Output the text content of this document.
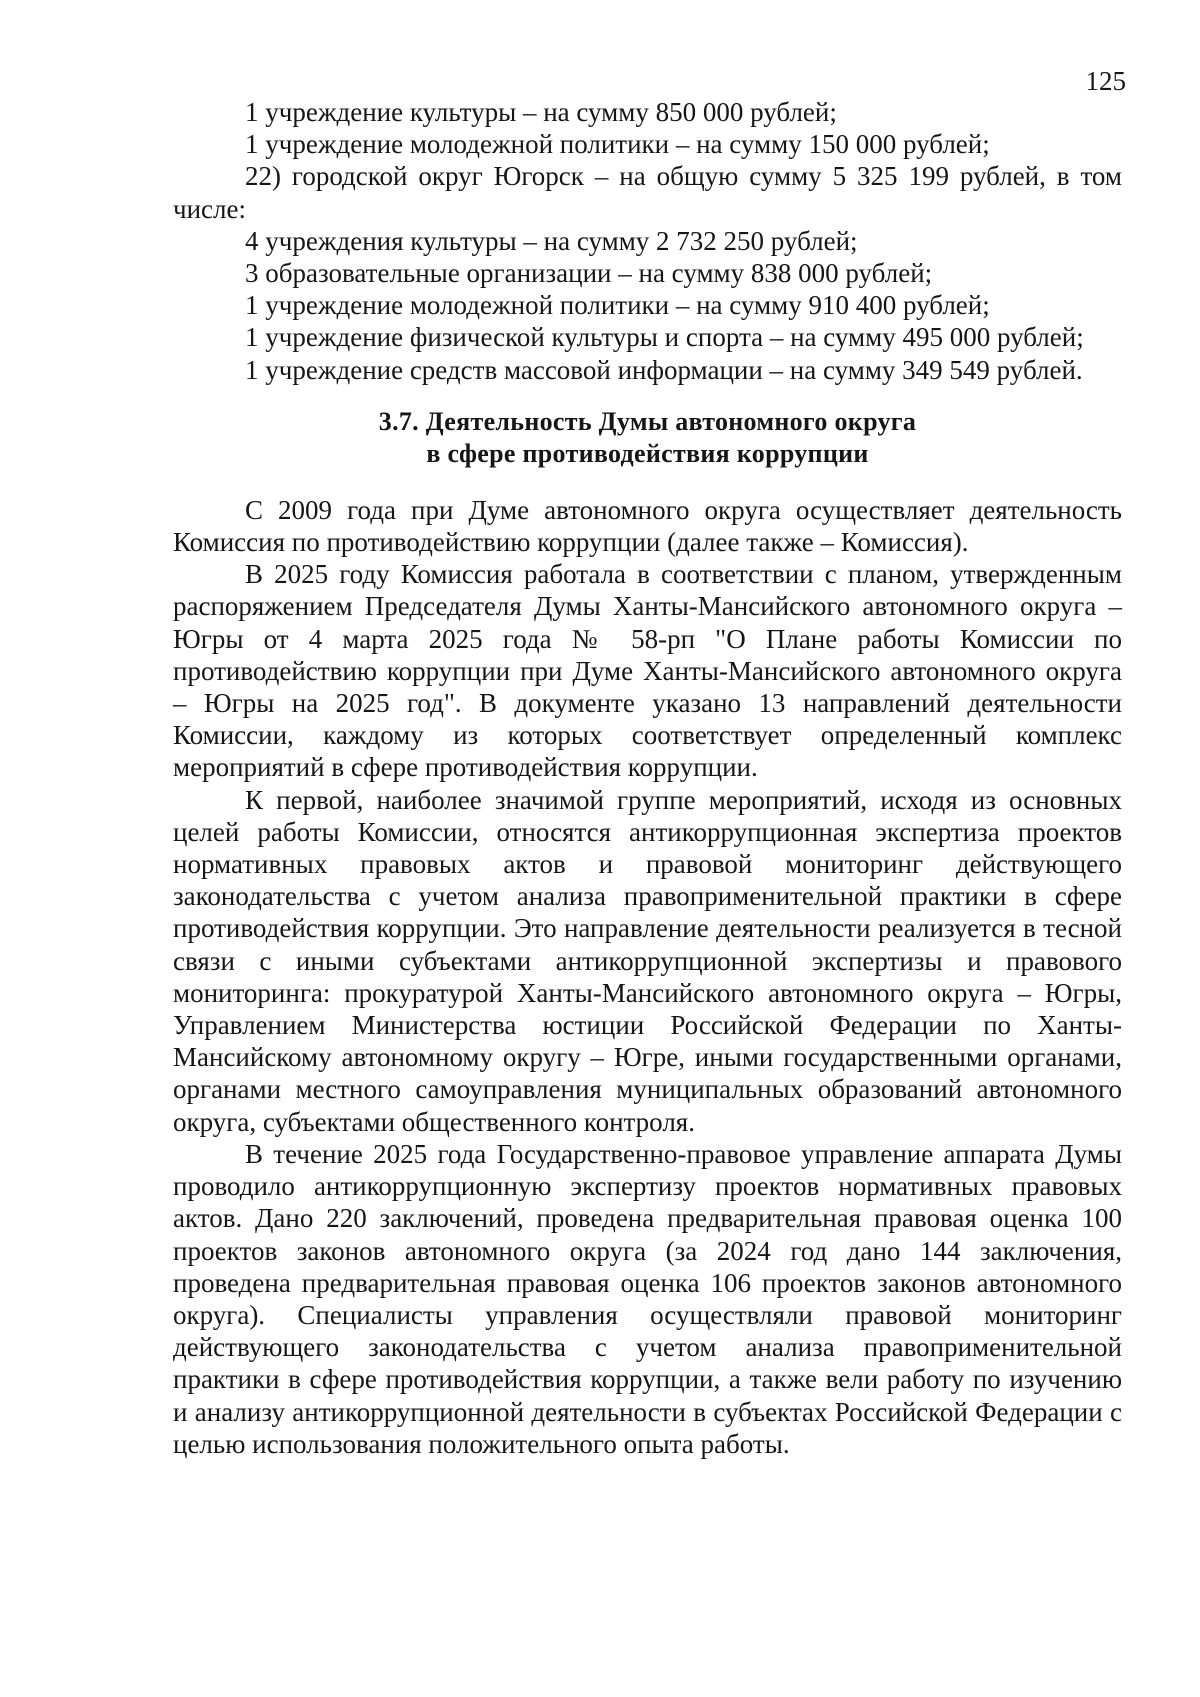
125
1 учреждение культуры – на сумму 850 000 рублей;
1 учреждение молодежной политики – на сумму 150 000 рублей;
22) городской округ Югорск – на общую сумму 5 325 199 рублей, в том числе:
4 учреждения культуры – на сумму 2 732 250 рублей;
3 образовательные организации – на сумму 838 000 рублей;
1 учреждение молодежной политики – на сумму 910 400 рублей;
1 учреждение физической культуры и спорта – на сумму 495 000 рублей;
1 учреждение средств массовой информации – на сумму 349 549 рублей.
3.7. Деятельность Думы автономного округа
в сфере противодействия коррупции
С 2009 года при Думе автономного округа осуществляет деятельность Комиссия по противодействию коррупции (далее также – Комиссия).
В 2025 году Комиссия работала в соответствии с планом, утвержденным распоряжением Председателя Думы Ханты-Мансийского автономного округа – Югры от 4 марта 2025 года № 58-рп "О Плане работы Комиссии по противодействию коррупции при Думе Ханты-Мансийского автономного округа – Югры на 2025 год". В документе указано 13 направлений деятельности Комиссии, каждому из которых соответствует определенный комплекс мероприятий в сфере противодействия коррупции.
К первой, наиболее значимой группе мероприятий, исходя из основных целей работы Комиссии, относятся антикоррупционная экспертиза проектов нормативных правовых актов и правовой мониторинг действующего законодательства с учетом анализа правоприменительной практики в сфере противодействия коррупции. Это направление деятельности реализуется в тесной связи с иными субъектами антикоррупционной экспертизы и правового мониторинга: прокуратурой Ханты-Мансийского автономного округа – Югры, Управлением Министерства юстиции Российской Федерации по Ханты-Мансийскому автономному округу – Югре, иными государственными органами, органами местного самоуправления муниципальных образований автономного округа, субъектами общественного контроля.
В течение 2025 года Государственно-правовое управление аппарата Думы проводило антикоррупционную экспертизу проектов нормативных правовых актов. Дано 220 заключений, проведена предварительная правовая оценка 100 проектов законов автономного округа (за 2024 год дано 144 заключения, проведена предварительная правовая оценка 106 проектов законов автономного округа). Специалисты управления осуществляли правовой мониторинг действующего законодательства с учетом анализа правоприменительной практики в сфере противодействия коррупции, а также вели работу по изучению и анализу антикоррупционной деятельности в субъектах Российской Федерации с целью использования положительного опыта работы.
